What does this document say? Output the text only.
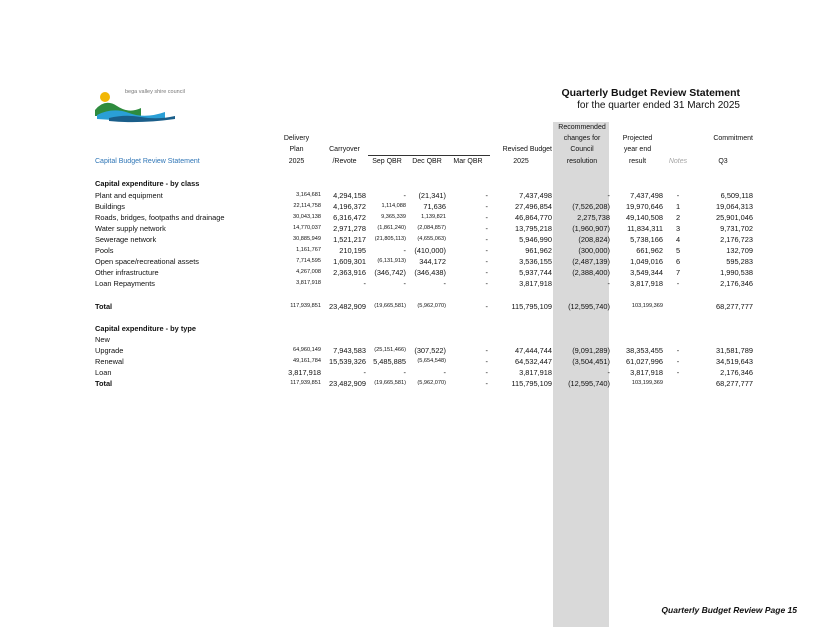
Quarterly Budget Review Statement
for the quarter ended 31 March 2025
bega valley shire council
							Recommended			
	Delivery						changes for	Projected		Commitment
	Plan	Carryover				Revised Budget	Council	year end		
Capital Budget Review Statement	2025	/Revote	Sep QBR	Dec QBR	Mar QBR	2025	resolution	result	Notes	Q3

Capital expenditure - by class										
Plant and equipment	3,164,681	4,294,158	-	(21,341)	-	7,437,498	-	7,437,498	-	6,509,118
Buildings	22,114,758	4,196,372	1,114,088	71,636	-	27,496,854	(7,526,208)	19,970,646	1	19,064,313
Roads, bridges, footpaths and drainage	30,043,138	6,316,472	9,365,339	1,139,821	-	46,864,770	2,275,738	49,140,508	2	25,901,046
Water supply network	14,770,037	2,971,278	(1,861,240)	(2,084,857)	-	13,795,218	(1,960,907)	11,834,311	3	9,731,702
Sewerage network	30,885,949	1,521,217	(21,805,113)	(4,655,063)	-	5,946,990	(208,824)	5,738,166	4	2,176,723
Pools	1,161,767	210,195	-	(410,000)	-	961,962	(300,000)	661,962	5	132,709
Open space/recreational assets	7,714,595	1,609,301	(6,131,913)	344,172	-	3,536,155	(2,487,139)	1,049,016	6	595,283
Other infrastructure	4,267,008	2,363,916	(346,742)	(346,438)	-	5,937,744	(2,388,400)	3,549,344	7	1,990,538
Loan Repayments	3,817,918	-	-	-	-	3,817,918	-	3,817,918	-	2,176,346

Total	117,939,851	23,482,909	(19,665,581)	(5,962,070)	-	115,795,109	(12,595,740)	103,199,369		68,277,777

Capital expenditure - by type										
New										
Upgrade	64,960,149	7,943,583	(25,151,466)	(307,522)	-	47,444,744	(9,091,289)	38,353,455	-	31,581,789
Renewal	49,161,784	15,539,326	5,485,885	(5,654,548)	-	64,532,447	(3,504,451)	61,027,996	-	34,519,643
Loan	3,817,918	-	-	-	-	3,817,918	-	3,817,918	-	2,176,346
Total	117,939,851	23,482,909	(19,665,581)	(5,962,070)	-	115,795,109	(12,595,740)	103,199,369		68,277,777
Quarterly Budget Review Page 15
